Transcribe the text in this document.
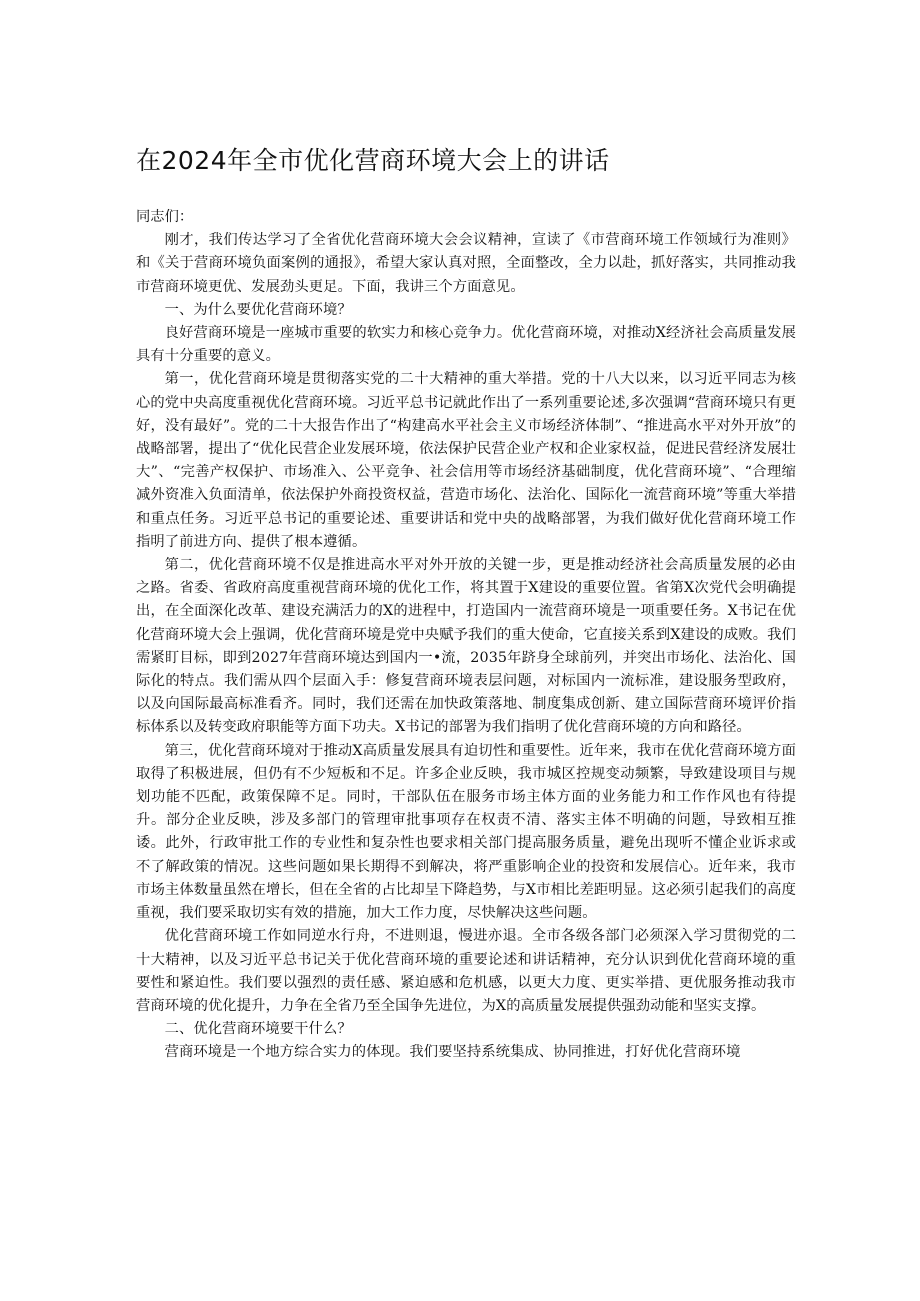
在2024年全市优化营商环境大会上的讲话

同志们：

刚才，我们传达学习了全省优化营商环境大会会议精神，宣读了《市营商环境工作领域行为准则》和《关于营商环境负面案例的通报》，希望大家认真对照，全面整改，全力以赴，抓好落实，共同推动我市营商环境更优、发展劲头更足。下面，我讲三个方面意见。

一、为什么要优化营商环境？

良好营商环境是一座城市重要的软实力和核心竞争力。优化营商环境，对推动X经济社会高质量发展具有十分重要的意义。

第一，优化营商环境是贯彻落实党的二十大精神的重大举措。党的十八大以来，以习近平同志为核心的党中央高度重视优化营商环境。习近平总书记就此作出了一系列重要论述,多次强调“营商环境只有更好，没有最好”。党的二十大报告作出了“构建高水平社会主义市场经济体制”、“推进高水平对外开放”的战略部署，提出了“优化民营企业发展环境，依法保护民营企业产权和企业家权益，促进民营经济发展壮大”、“完善产权保护、市场准入、公平竞争、社会信用等市场经济基础制度，优化营商环境”、“合理缩减外资准入负面清单，依法保护外商投资权益，营造市场化、法治化、国际化一流营商环境”等重大举措和重点任务。习近平总书记的重要论述、重要讲话和党中央的战略部署，为我们做好优化营商环境工作指明了前进方向、提供了根本遵循。

第二，优化营商环境不仅是推进高水平对外开放的关键一步，更是推动经济社会高质量发展的必由之路。省委、省政府高度重视营商环境的优化工作，将其置于X建设的重要位置。省第X次党代会明确提出，在全面深化改革、建设充满活力的X的进程中，打造国内一流营商环境是一项重要任务。X书记在优化营商环境大会上强调，优化营商环境是党中央赋予我们的重大使命，它直接关系到X建设的成败。我们需紧盯目标，即到2027年营商环境达到国内一•流，2035年跻身全球前列，并突出市场化、法治化、国际化的特点。我们需从四个层面入手：修复营商环境表层问题，对标国内一流标准，建设服务型政府，以及向国际最高标准看齐。同时，我们还需在加快政策落地、制度集成创新、建立国际营商环境评价指标体系以及转变政府职能等方面下功夫。X书记的部署为我们指明了优化营商环境的方向和路径。

第三，优化营商环境对于推动X高质量发展具有迫切性和重要性。近年来，我市在优化营商环境方面取得了积极进展，但仍有不少短板和不足。许多企业反映，我市城区控规变动频繁，导致建设项目与规划功能不匹配，政策保障不足。同时，干部队伍在服务市场主体方面的业务能力和工作作风也有待提升。部分企业反映，涉及多部门的管理审批事项存在权责不清、落实主体不明确的问题，导致相互推诿。此外，行政审批工作的专业性和复杂性也要求相关部门提高服务质量，避免出现听不懂企业诉求或不了解政策的情况。这些问题如果长期得不到解决，将严重影响企业的投资和发展信心。近年来，我市市场主体数量虽然在增长，但在全省的占比却呈下降趋势，与X市相比差距明显。这必须引起我们的高度重视，我们要采取切实有效的措施，加大工作力度，尽快解决这些问题。

优化营商环境工作如同逆水行舟，不进则退，慢进亦退。全市各级各部门必须深入学习贯彻党的二十大精神，以及习近平总书记关于优化营商环境的重要论述和讲话精神，充分认识到优化营商环境的重要性和紧迫性。我们要以强烈的责任感、紧迫感和危机感，以更大力度、更实举措、更优服务推动我市营商环境的优化提升，力争在全省乃至全国争先进位，为X的高质量发展提供强劲动能和坚实支撑。

二、优化营商环境要干什么？

营商环境是一个地方综合实力的体现。我们要坚持系统集成、协同推进，打好优化营商环境
